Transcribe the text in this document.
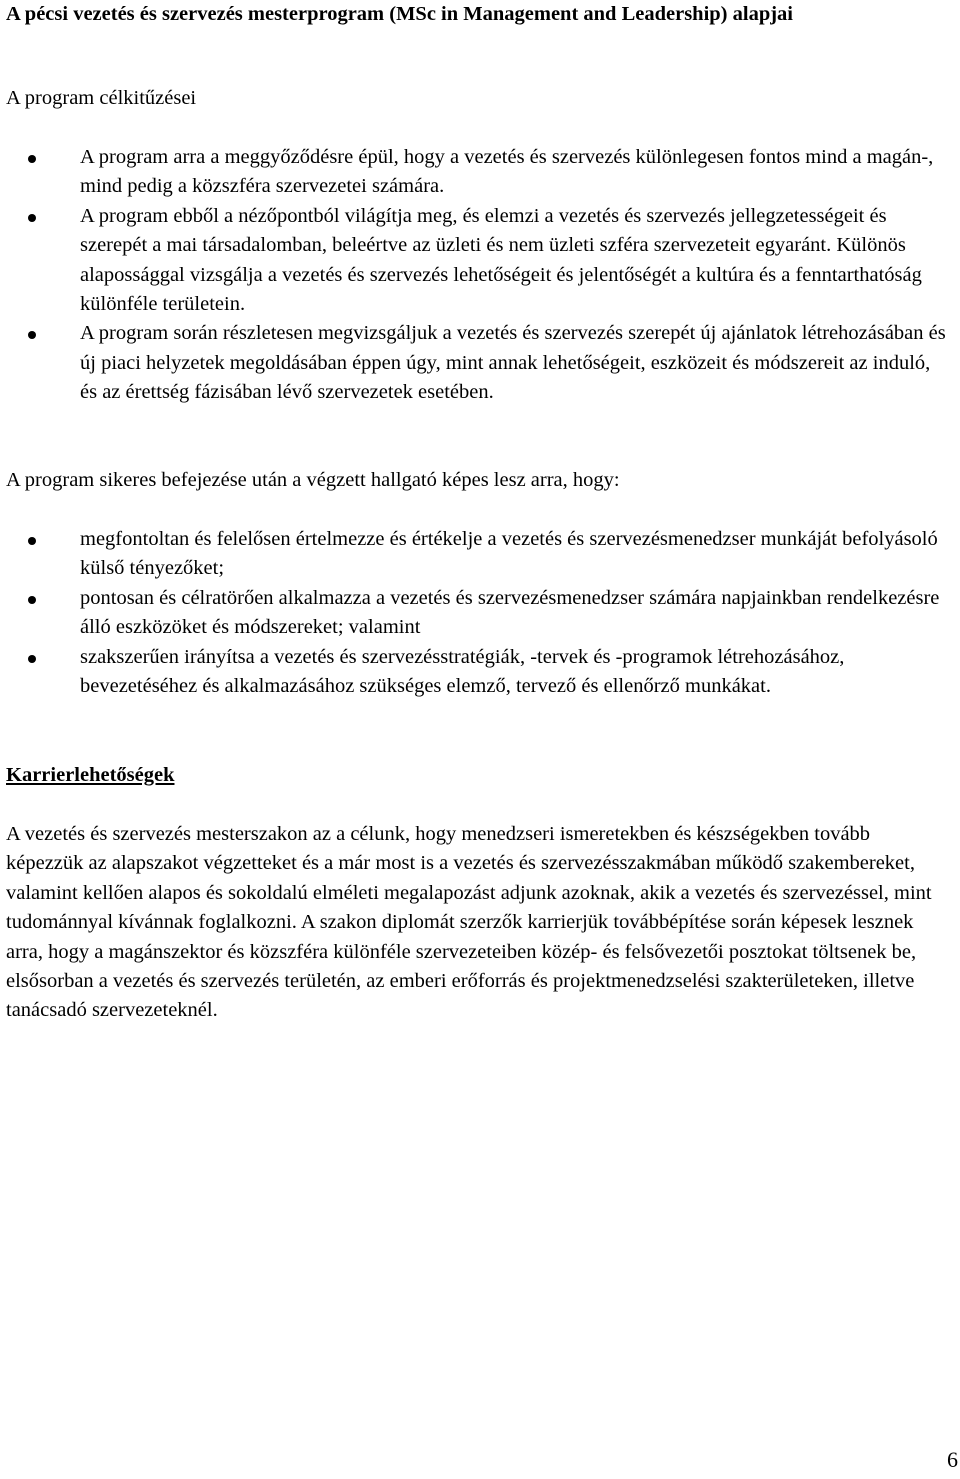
A pécsi vezetés és szervezés mesterprogram (MSc in Management and Leadership) alapjai

A program célkitűzései

A program arra a meggyőződésre épül, hogy a vezetés és szervezés különlegesen fontos mind a magán-, mind pedig a közszféra szervezetei számára.
A program ebből a nézőpontból világítja meg, és elemzi a vezetés és szervezés jellegzetességeit és szerepét a mai társadalomban, beleértve az üzleti és nem üzleti szféra szervezeteit egyaránt. Különös alapossággal vizsgálja a vezetés és szervezés lehetőségeit és jelentőségét a kultúra és a fenntarthatóság különféle területein.
A program során részletesen megvizsgáljuk a vezetés és szervezés szerepét új ajánlatok létrehozásában és új piaci helyzetek megoldásában éppen úgy, mint annak lehetőségeit, eszközeit és módszereit az induló, és az érettség fázisában lévő szervezetek esetében.

A program sikeres befejezése után a végzett hallgató képes lesz arra, hogy:

megfontoltan és felelősen értelmezze és értékelje a vezetés és szervezésmenedzser munkáját befolyásoló külső tényezőket;
pontosan és célratörően alkalmazza a vezetés és szervezésmenedzser számára napjainkban rendelkezésre álló eszközöket és módszereket; valamint
szakszerűen irányítsa a vezetés és szervezésstratégiák, -tervek és -programok létrehozásához, bevezetéséhez és alkalmazásához szükséges elemző, tervező és ellenőrző munkákat.

Karrierlehetőségek

A vezetés és szervezés mesterszakon az a célunk, hogy menedzseri ismeretekben és készségekben tovább képezzük az alapszakot végzetteket és a már most is a vezetés és szervezésszakmában működő szakembereket, valamint kellően alapos és sokoldalú elméleti megalapozást adjunk azoknak, akik a vezetés és szervezéssel, mint tudománnyal kívánnak foglalkozni. A szakon diplomát szerzők karrierjük továbbépítése során képesek lesznek arra, hogy a magánszektor és közszféra különféle szervezeteiben közép- és felsővezetői posztokat töltsenek be, elsősorban a vezetés és szervezés területén, az emberi erőforrás és projektmenedzselési szakterületeken, illetve tanácsadó szervezeteknél.

6
